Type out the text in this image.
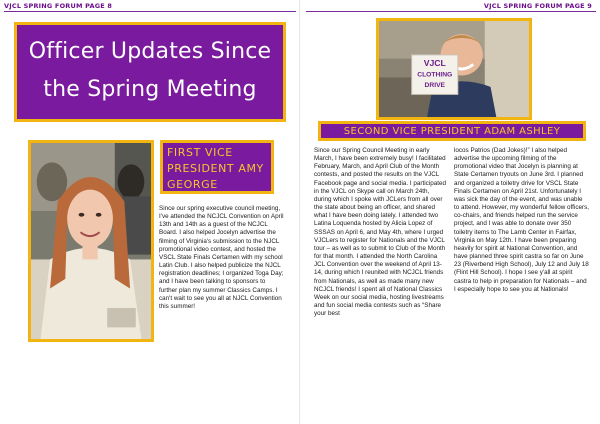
VJCL SPRING FORUM PAGE 8
Officer Updates Since the Spring Meeting
FIRST VICE PRESIDENT AMY GEORGE
Since our spring executive council meeting, I've attended the NCJCL Convention on April 13th and 14th as a guest of the NCJCL Board. I also helped Jocelyn advertise the filming of Virginia's submission to the NJCL promotional video contest, and hosted the VSCL State Finals Certamen with my school Latin Club. I also helped publicize the NJCL registration deadlines; I organized Toga Day; and I have been talking to sponsors to further plan my summer Classics Camps. I can't wait to see you all at NJCL Convention this summer!
VJCL SPRING FORUM PAGE 9
VJCL
CLOTHING
DRIVE
SECOND VICE PRESIDENT ADAM ASHLEY
Since our Spring Council Meeting in early March, I have been extremely busy! I facilitated February, March, and April Club of the Month contests, and posted the results on the VJCL Facebook page and social media. I participated in the VJCL on Skype call on March 24th, during which I spoke with JCLers from all over the state about being an officer, and shared what I have been doing lately. I attended two Latina Loquenda hosted by Alicia Lopez of SSSAS on April 6, and May 4th, where I urged VJCLers to register for Nationals and the VJCL tour – as well as to submit to Club of the Month for that month. I attended the North Carolina JCL Convention over the weekend of April 13-14, during which I reunited with NCJCL friends from Nationals, as well as made many new NCJCL friends! I spent all of National Classics Week on our social media, hosting livestreams and fun social media contests such as “Share your best
locos Patrios (Dad Jokes)!” I also helped advertise the upcoming filming of the promotional video that Jocelyn is planning at State Certamen tryouts on June 3rd. I planned and organized a toiletry drive for VSCL State Finals Certamen on April 21st. Unfortunately I was sick the day of the event, and was unable to attend. However, my wonderful fellow officers, co-chairs, and friends helped run the service project, and I was able to donate over 350 toiletry items to The Lamb Center in Fairfax, Virginia on May 12th. I have been preparing heavily for spirit at National Convention, and have planned three spirit castra so far on June 23 (Riverbend High School), July 12 and July 18 (Flint Hill School). I hope I see y'all at spirit castra to help in preparation for Nationals – and I especially hope to see you at Nationals!
